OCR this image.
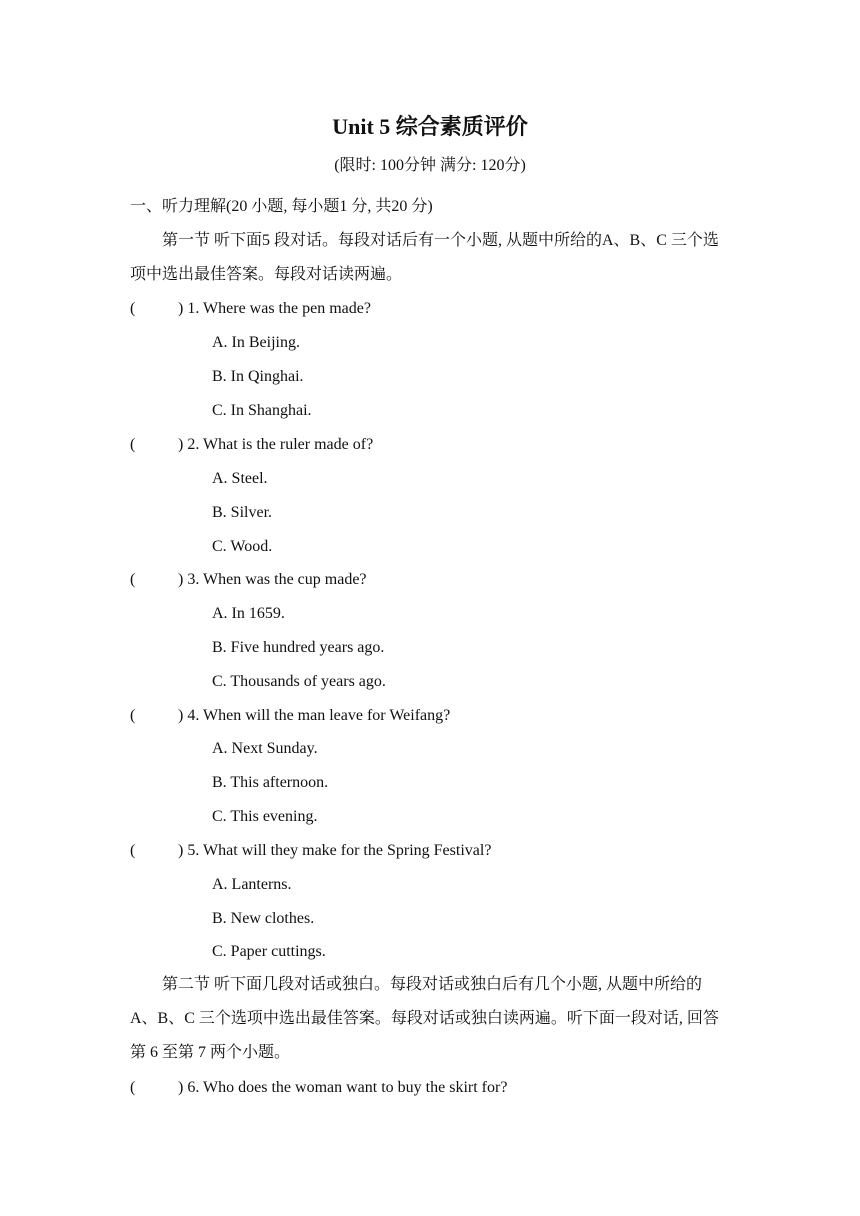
Unit 5 综合素质评价
(限时: 100分钟 满分: 120分)
一、听力理解(20 小题, 每小题1 分, 共20 分)
第一节 听下面5 段对话。每段对话后有一个小题, 从题中所给的A、B、C 三个选项中选出最佳答案。每段对话读两遍。
(	) 1. Where was the pen made?
A. In Beijing.
B. In Qinghai.
C. In Shanghai.
(	) 2. What is the ruler made of?
A. Steel.
B. Silver.
C. Wood.
(	) 3. When was the cup made?
A. In 1659.
B. Five hundred years ago.
C. Thousands of years ago.
(	) 4. When will the man leave for Weifang?
A. Next Sunday.
B. This afternoon.
C. This evening.
(	) 5. What will they make for the Spring Festival?
A. Lanterns.
B. New clothes.
C. Paper cuttings.
第二节 听下面几段对话或独白。每段对话或独白后有几个小题, 从题中所给的 A、B、C 三个选项中选出最佳答案。每段对话或独白读两遍。听下面一段对话, 回答第 6 至第 7 两个小题。
(	) 6. Who does the woman want to buy the skirt for?
